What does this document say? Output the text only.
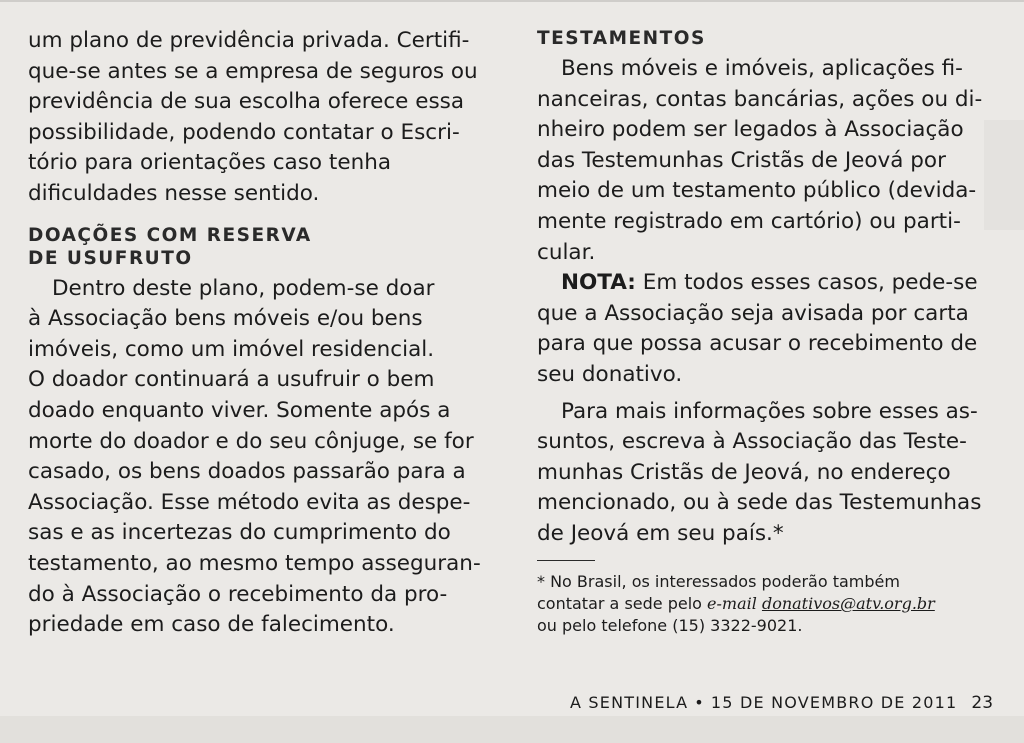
um plano de previdência privada. Certifi-
que-se antes se a empresa de seguros ou
previdência de sua escolha oferece essa
possibilidade, podendo contatar o Escri-
tório para orientações caso tenha
dificuldades nesse sentido.

DOAÇÕES COM RESERVA
DE USUFRUTO

Dentro deste plano, podem-se doar
à Associação bens móveis e/ou bens
imóveis, como um imóvel residencial.
O doador continuará a usufruir o bem
doado enquanto viver. Somente após a
morte do doador e do seu cônjuge, se for
casado, os bens doados passarão para a
Associação. Esse método evita as despe-
sas e as incertezas do cumprimento do
testamento, ao mesmo tempo asseguran-
do à Associação o recebimento da pro-
priedade em caso de falecimento.

TESTAMENTOS

Bens móveis e imóveis, aplicações fi-
nanceiras, contas bancárias, ações ou di-
nheiro podem ser legados à Associação
das Testemunhas Cristãs de Jeová por
meio de um testamento público (devida-
mente registrado em cartório) ou parti-
cular.

NOTA: Em todos esses casos, pede-se
que a Associação seja avisada por carta
para que possa acusar o recebimento de
seu donativo.

Para mais informações sobre esses as-
suntos, escreva à Associação das Teste-
munhas Cristãs de Jeová, no endereço
mencionado, ou à sede das Testemunhas
de Jeová em seu país.*

* No Brasil, os interessados poderão também
contatar a sede pelo e-mail donativos@atv.org.br
ou pelo telefone (15) 3322-9021.

A SENTINELA • 15 DE NOVEMBRO DE 2011 23
